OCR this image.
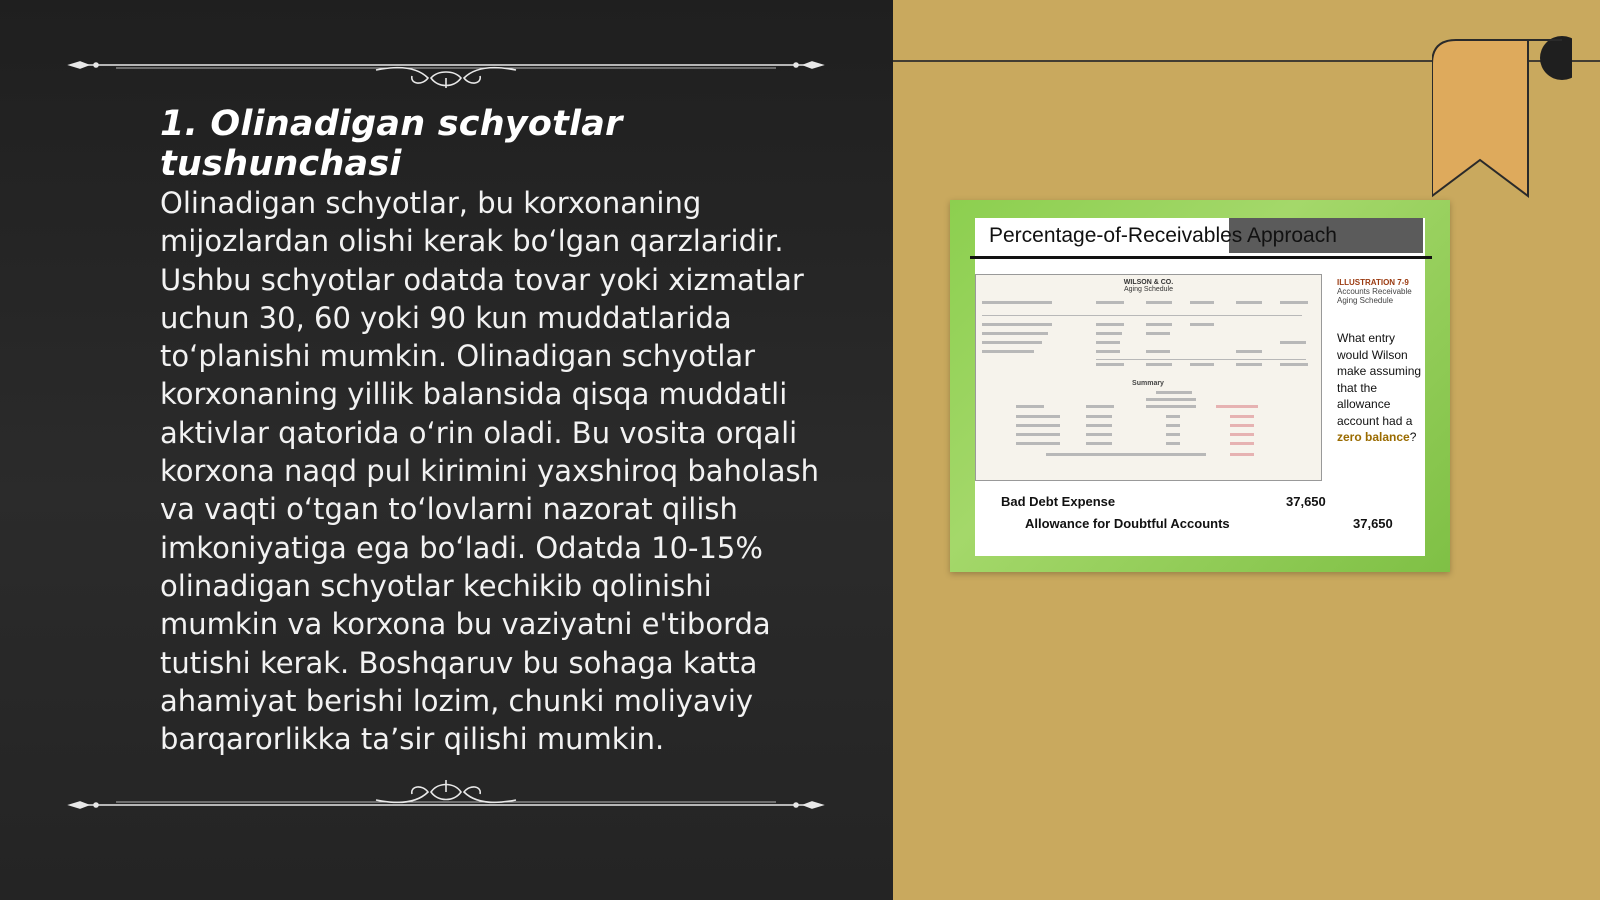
1. Olinadigan schyotlar tushunchasi

Olinadigan schyotlar, bu korxonaning mijozlardan olishi kerak bo‘lgan qarzlaridir. Ushbu schyotlar odatda tovar yoki xizmatlar uchun 30, 60 yoki 90 kun muddatlarida to‘planishi mumkin. Olinadigan schyotlar korxonaning yillik balansida qisqa muddatli aktivlar qatorida o‘rin oladi. Bu vosita orqali korxona naqd pul kirimini yaxshiroq baholash va vaqti o‘tgan to‘lovlarni nazorat qilish imkoniyatiga ega bo‘ladi. Odatda 10-15% olinadigan schyotlar kechikib qolinishi mumkin va korxona bu vaziyatni e'tiborda tutishi kerak. Boshqaruv bu sohaga katta ahamiyat berishi lozim, chunki moliyaviy barqarorlikka ta’sir qilishi mumkin.

Percentage-of-Receivables Approach
WILSON & CO.
Aging Schedule
Summary
ILLUSTRATION 7-9
Accounts Receivable Aging Schedule
What entry would Wilson make assuming that the allowance account had a zero balance?
Bad Debt Expense	37,650
Allowance for Doubtful Accounts	37,650
